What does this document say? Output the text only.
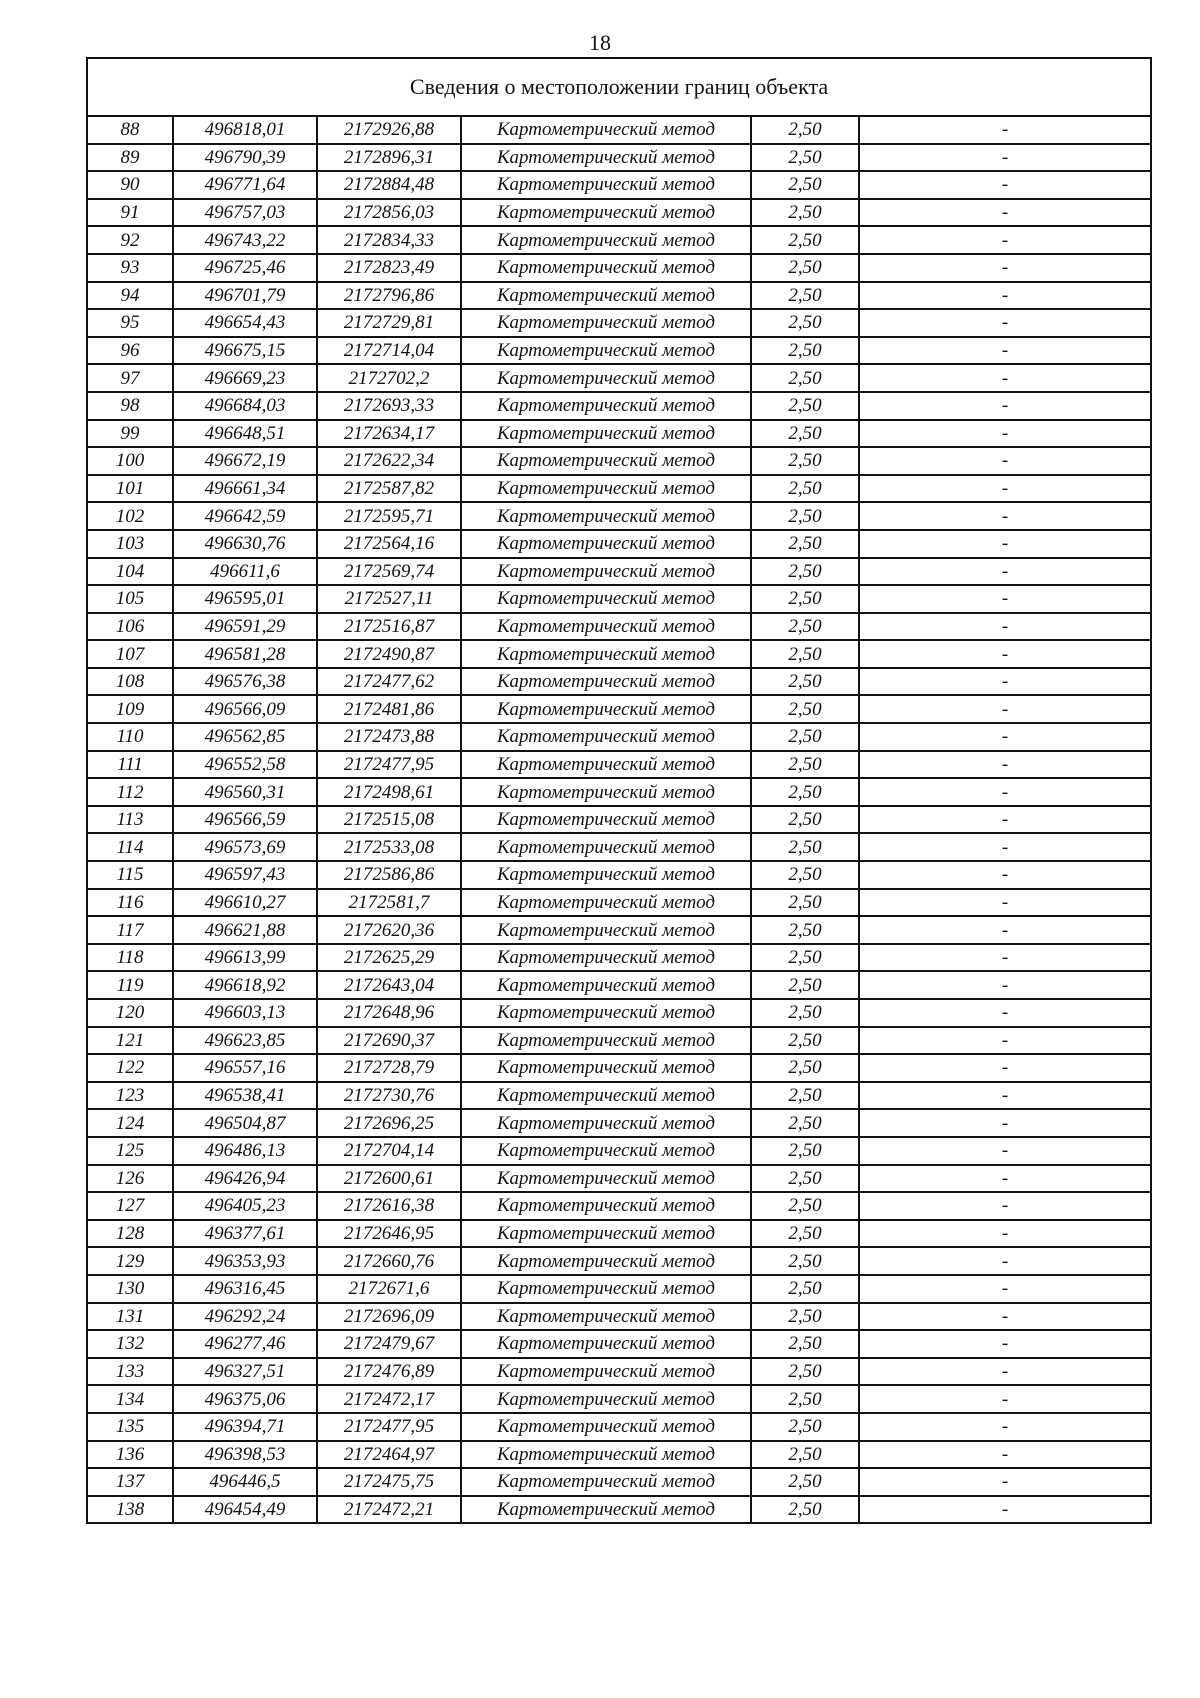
18
Сведения о местоположении границ объекта					
88	496818,01	2172926,88	Картометрический метод	2,50	-
89	496790,39	2172896,31	Картометрический метод	2,50	-
90	496771,64	2172884,48	Картометрический метод	2,50	-
91	496757,03	2172856,03	Картометрический метод	2,50	-
92	496743,22	2172834,33	Картометрический метод	2,50	-
93	496725,46	2172823,49	Картометрический метод	2,50	-
94	496701,79	2172796,86	Картометрический метод	2,50	-
95	496654,43	2172729,81	Картометрический метод	2,50	-
96	496675,15	2172714,04	Картометрический метод	2,50	-
97	496669,23	2172702,2	Картометрический метод	2,50	-
98	496684,03	2172693,33	Картометрический метод	2,50	-
99	496648,51	2172634,17	Картометрический метод	2,50	-
100	496672,19	2172622,34	Картометрический метод	2,50	-
101	496661,34	2172587,82	Картометрический метод	2,50	-
102	496642,59	2172595,71	Картометрический метод	2,50	-
103	496630,76	2172564,16	Картометрический метод	2,50	-
104	496611,6	2172569,74	Картометрический метод	2,50	-
105	496595,01	2172527,11	Картометрический метод	2,50	-
106	496591,29	2172516,87	Картометрический метод	2,50	-
107	496581,28	2172490,87	Картометрический метод	2,50	-
108	496576,38	2172477,62	Картометрический метод	2,50	-
109	496566,09	2172481,86	Картометрический метод	2,50	-
110	496562,85	2172473,88	Картометрический метод	2,50	-
111	496552,58	2172477,95	Картометрический метод	2,50	-
112	496560,31	2172498,61	Картометрический метод	2,50	-
113	496566,59	2172515,08	Картометрический метод	2,50	-
114	496573,69	2172533,08	Картометрический метод	2,50	-
115	496597,43	2172586,86	Картометрический метод	2,50	-
116	496610,27	2172581,7	Картометрический метод	2,50	-
117	496621,88	2172620,36	Картометрический метод	2,50	-
118	496613,99	2172625,29	Картометрический метод	2,50	-
119	496618,92	2172643,04	Картометрический метод	2,50	-
120	496603,13	2172648,96	Картометрический метод	2,50	-
121	496623,85	2172690,37	Картометрический метод	2,50	-
122	496557,16	2172728,79	Картометрический метод	2,50	-
123	496538,41	2172730,76	Картометрический метод	2,50	-
124	496504,87	2172696,25	Картометрический метод	2,50	-
125	496486,13	2172704,14	Картометрический метод	2,50	-
126	496426,94	2172600,61	Картометрический метод	2,50	-
127	496405,23	2172616,38	Картометрический метод	2,50	-
128	496377,61	2172646,95	Картометрический метод	2,50	-
129	496353,93	2172660,76	Картометрический метод	2,50	-
130	496316,45	2172671,6	Картометрический метод	2,50	-
131	496292,24	2172696,09	Картометрический метод	2,50	-
132	496277,46	2172479,67	Картометрический метод	2,50	-
133	496327,51	2172476,89	Картометрический метод	2,50	-
134	496375,06	2172472,17	Картометрический метод	2,50	-
135	496394,71	2172477,95	Картометрический метод	2,50	-
136	496398,53	2172464,97	Картометрический метод	2,50	-
137	496446,5	2172475,75	Картометрический метод	2,50	-
138	496454,49	2172472,21	Картометрический метод	2,50	-
